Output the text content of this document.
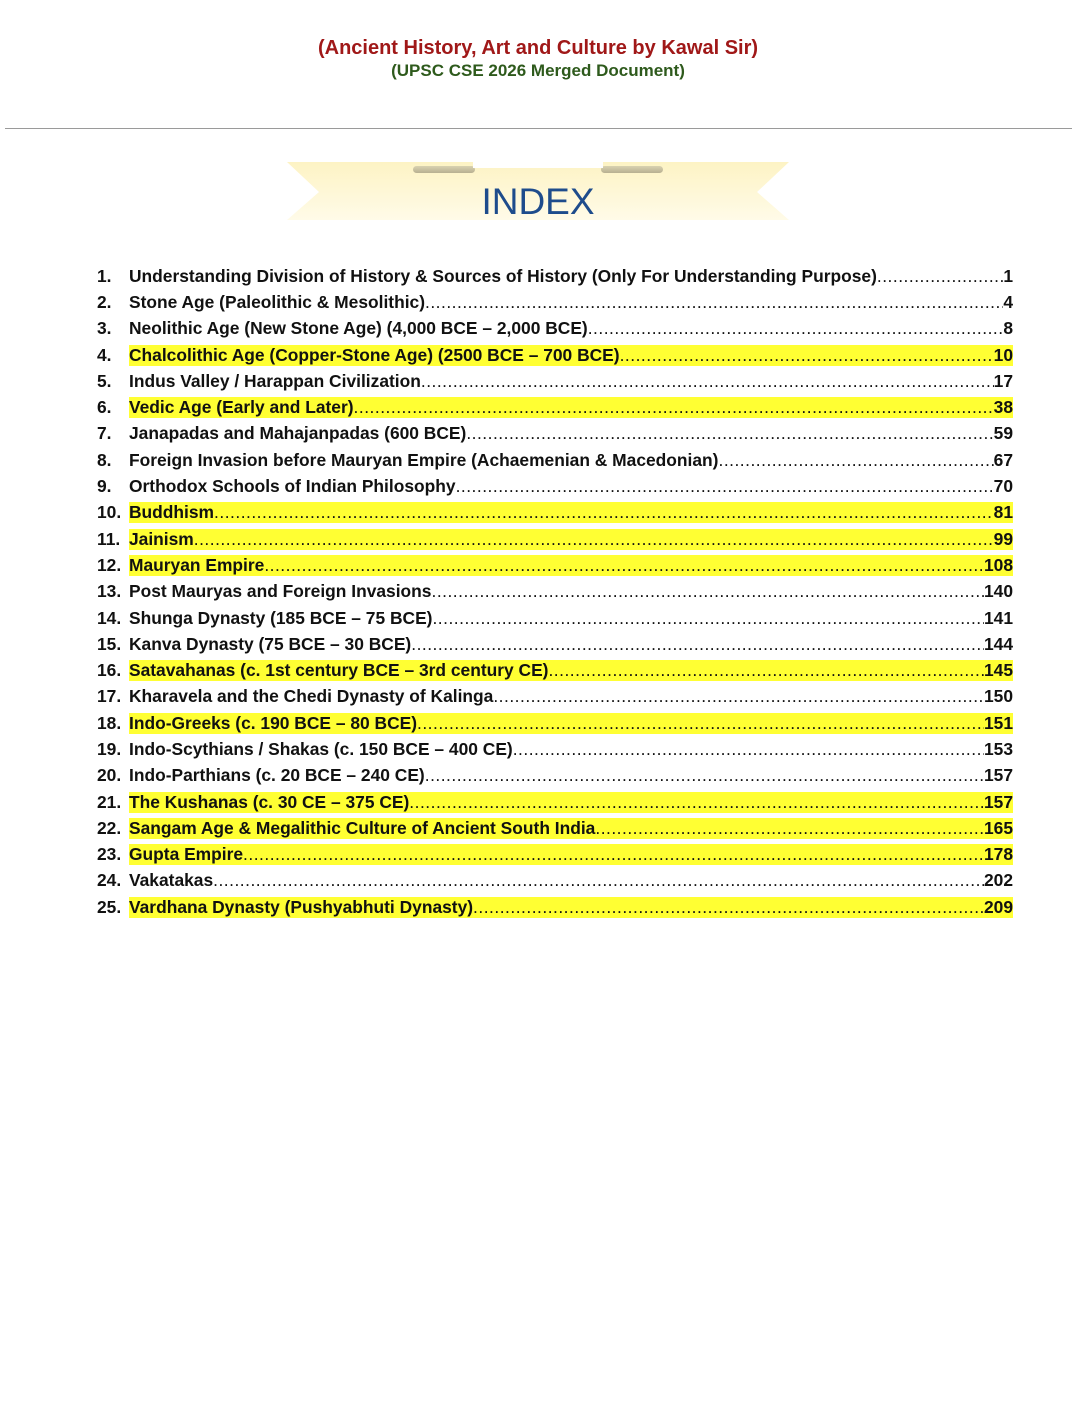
(Ancient History, Art and Culture by Kawal Sir)
(UPSC CSE 2026 Merged Document)
INDEX
1.	Understanding Division of History & Sources of History (Only For Understanding Purpose) .....	1
2.	Stone Age (Paleolithic & Mesolithic) .....	4
3.	Neolithic Age (New Stone Age) (4,000 BCE – 2,000 BCE) .....	8
4.	Chalcolithic Age (Copper-Stone Age) (2500 BCE – 700 BCE) .....	10
5.	Indus Valley / Harappan Civilization .....	17
6.	Vedic Age (Early and Later) .....	38
7.	Janapadas and Mahajanpadas (600 BCE) .....	59
8.	Foreign Invasion before Mauryan Empire (Achaemenian & Macedonian) .....	67
9.	Orthodox Schools of Indian Philosophy .....	70
10. Buddhism .....	81
11. Jainism .....	99
12. Mauryan Empire .....	108
13. Post Mauryas and Foreign Invasions .....	140
14. Shunga Dynasty (185 BCE – 75 BCE) .....	141
15. Kanva Dynasty (75 BCE – 30 BCE) .....	144
16. Satavahanas (c. 1st century BCE – 3rd century CE) .....	145
17. Kharavela and the Chedi Dynasty of Kalinga .....	150
18. Indo-Greeks (c. 190 BCE – 80 BCE) .....	151
19. Indo-Scythians / Shakas (c. 150 BCE – 400 CE) .....	153
20. Indo-Parthians (c. 20 BCE – 240 CE) .....	157
21. The Kushanas (c. 30 CE – 375 CE) .....	157
22. Sangam Age & Megalithic Culture of Ancient South India .....	165
23. Gupta Empire .....	178
24. Vakatakas .....	202
25. Vardhana Dynasty (Pushyabhuti Dynasty) .....	209
